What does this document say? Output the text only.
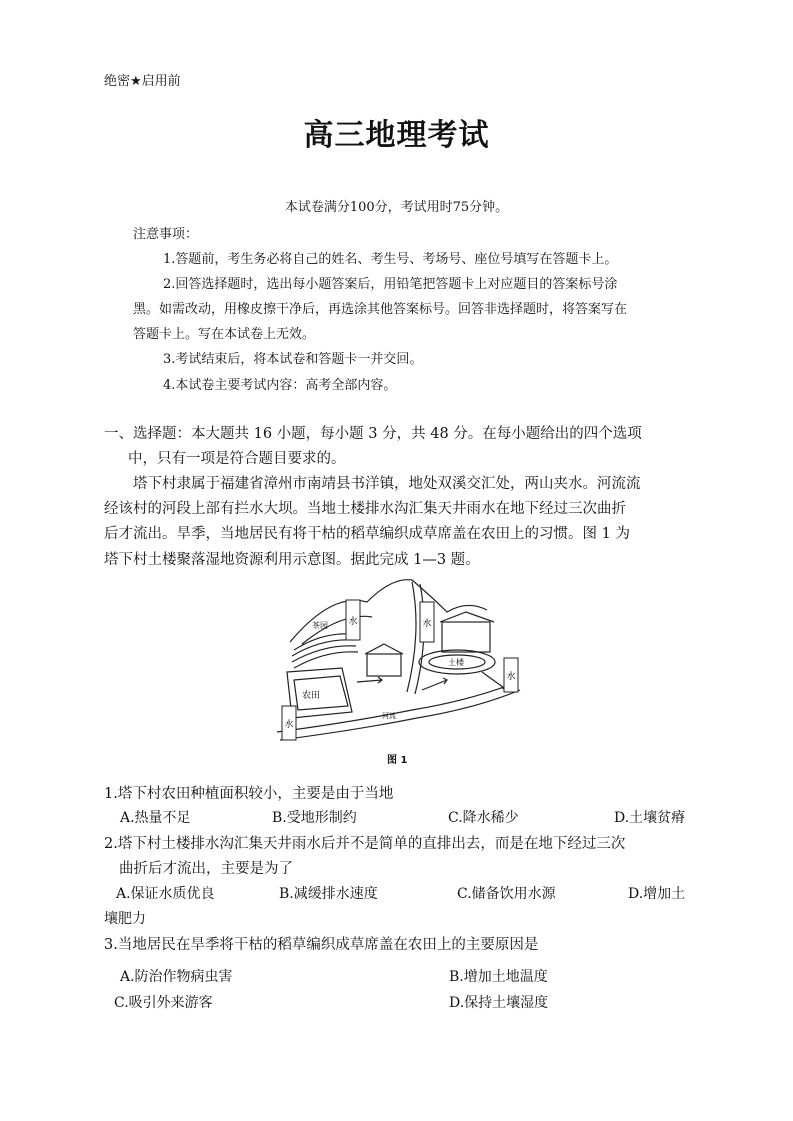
绝密★启用前
高三地理考试
本试卷满分100分，考试用时75分钟。
注意事项：
1.答题前，考生务必将自己的姓名、考生号、考场号、座位号填写在答题卡上。
2.回答选择题时，选出每小题答案后，用铅笔把答题卡上对应题目的答案标号涂
黑。如需改动，用橡皮擦干净后，再选涂其他答案标号。回答非选择题时，将答案写在
答题卡上。写在本试卷上无效。
3.考试结束后，将本试卷和答题卡一并交回。
4.本试卷主要考试内容：高考全部内容。
一、选择题：本大题共 16 小题，每小题 3 分，共 48 分。在每小题给出的四个选项
中，只有一项是符合题目要求的。
塔下村隶属于福建省漳州市南靖县书洋镇，地处双溪交汇处，两山夹水。河流流
经该村的河段上部有拦水大坝。当地土楼排水沟汇集天井雨水在地下经过三次曲折
后才流出。旱季，当地居民有将干枯的稻草编织成草席盖在农田上的习惯。图 1 为
塔下村土楼聚落湿地资源利用示意图。据此完成 1—3 题。
水	水
水
水
茶园
农田
土楼
河流
图 1
1.塔下村农田种植面积较小，主要是由于当地
A.热量不足	B.受地形制约	C.降水稀少	D.土壤贫瘠
2.塔下村土楼排水沟汇集天井雨水后并不是简单的直排出去，而是在地下经过三次
曲折后才流出，主要是为了
A.保证水质优良	B.减缓排水速度	C.储备饮用水源	D.增加土
壤肥力
3.当地居民在旱季将干枯的稻草编织成草席盖在农田上的主要原因是
A.防治作物病虫害	B.增加土地温度
C.吸引外来游客	D.保持土壤湿度
